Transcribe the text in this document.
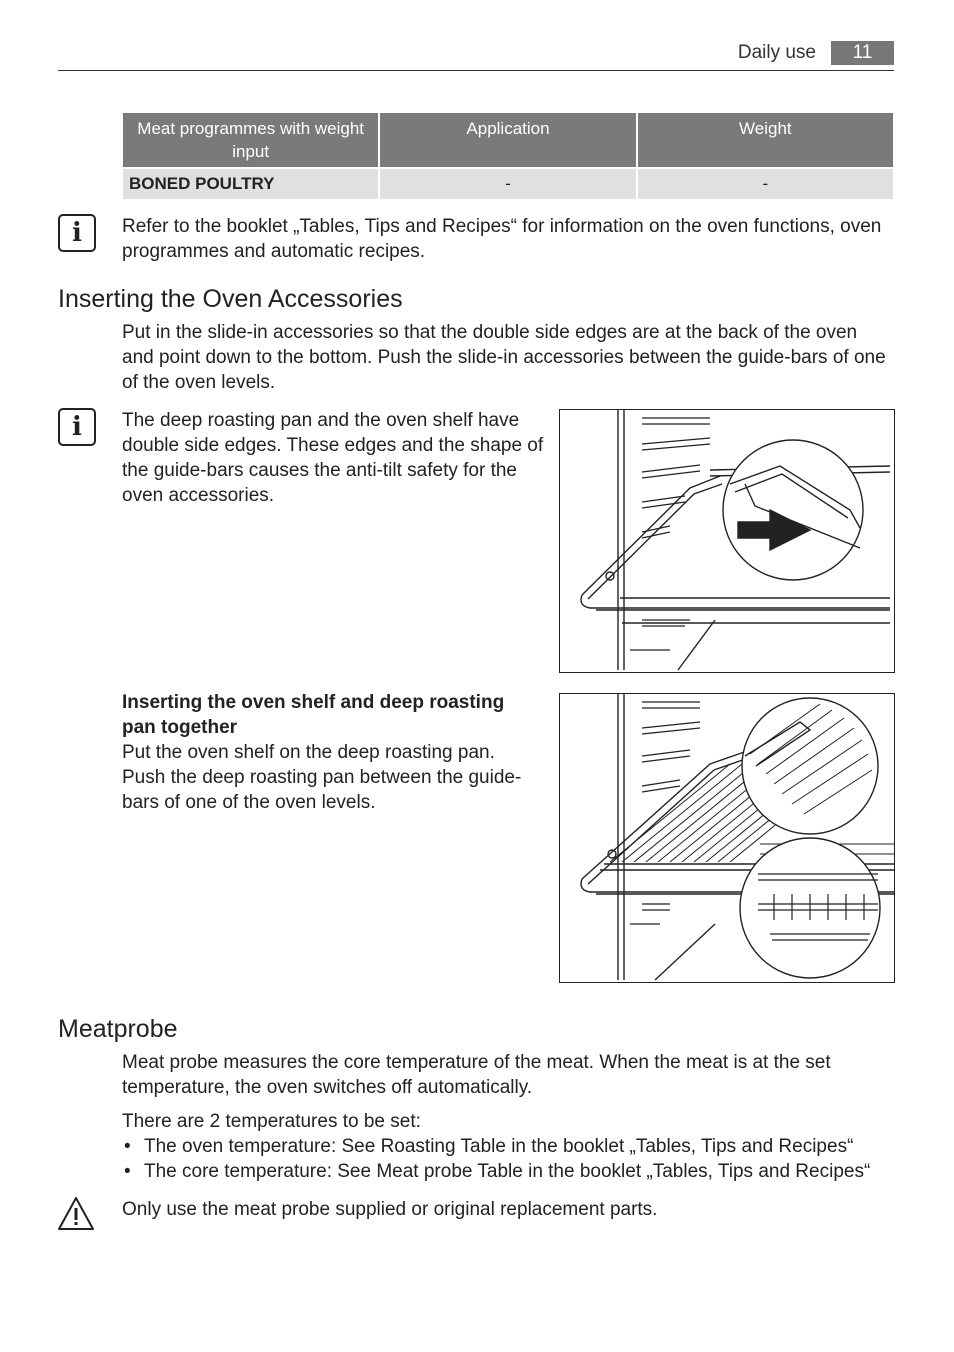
Daily use	11
Meat programmes with weight input	Application	Weight
BONED POULTRY	-	-
i Refer to the booklet „Tables, Tips and Recipes“ for information on the oven functions, oven programmes and automatic recipes.
Inserting the Oven Accessories
Put in the slide-in accessories so that the double side edges are at the back of the oven and point down to the bottom. Push the slide-in accessories between the guide-bars of one of the oven levels.
i The deep roasting pan and the oven shelf have double side edges. These edges and the shape of the guide-bars causes the anti-tilt safety for the oven accessories.
Inserting the oven shelf and deep roasting pan together
Put the oven shelf on the deep roasting pan. Push the deep roasting pan between the guide-bars of one of the oven levels.
Meatprobe
Meat probe measures the core temperature of the meat. When the meat is at the set temperature, the oven switches off automatically.
There are 2 temperatures to be set:
• The oven temperature: See Roasting Table in the booklet „Tables, Tips and Recipes“
• The core temperature: See Meat probe Table in the booklet „Tables, Tips and Recipes“
Only use the meat probe supplied or original replacement parts.
